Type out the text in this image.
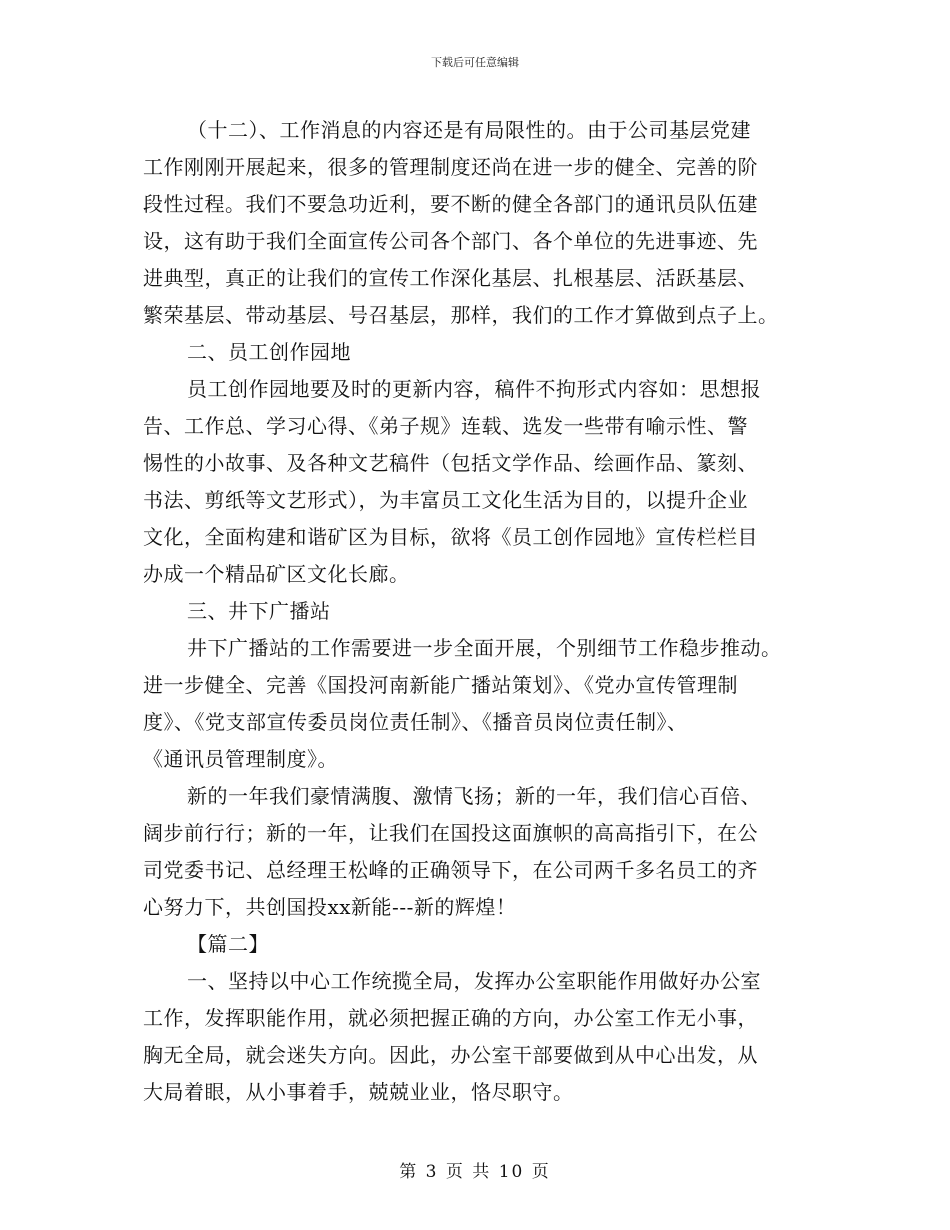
下载后可任意编辑
（十二）、工作消息的内容还是有局限性的。由于公司基层党建
工作刚刚开展起来，很多的管理制度还尚在进一步的健全、完善的阶
段性过程。我们不要急功近利，要不断的健全各部门的通讯员队伍建
设，这有助于我们全面宣传公司各个部门、各个单位的先进事迹、先
进典型，真正的让我们的宣传工作深化基层、扎根基层、活跃基层、
繁荣基层、带动基层、号召基层，那样，我们的工作才算做到点子上。
二、员工创作园地
员工创作园地要及时的更新内容，稿件不拘形式内容如：思想报
告、工作总、学习心得、《弟子规》连载、选发一些带有喻示性、警
惕性的小故事、及各种文艺稿件（包括文学作品、绘画作品、篆刻、
书法、剪纸等文艺形式），为丰富员工文化生活为目的，以提升企业
文化，全面构建和谐矿区为目标，欲将《员工创作园地》宣传栏栏目
办成一个精品矿区文化长廊。
三、井下广播站
井下广播站的工作需要进一步全面开展，个别细节工作稳步推动。
进一步健全、完善《国投河南新能广播站策划》、《党办宣传管理制
度》、《党支部宣传委员岗位责任制》、《播音员岗位责任制》、
《通讯员管理制度》。
新的一年我们豪情满腹、激情飞扬；新的一年，我们信心百倍、
阔步前行行；新的一年，让我们在国投这面旗帜的高高指引下，在公
司党委书记、总经理王松峰的正确领导下，在公司两千多名员工的齐
心努力下，共创国投xx新能---新的辉煌！
【篇二】
一、坚持以中心工作统揽全局，发挥办公室职能作用做好办公室
工作，发挥职能作用，就必须把握正确的方向，办公室工作无小事，
胸无全局，就会迷失方向。因此，办公室干部要做到从中心出发，从
大局着眼，从小事着手，兢兢业业，恪尽职守。
第 3 页 共 10 页
